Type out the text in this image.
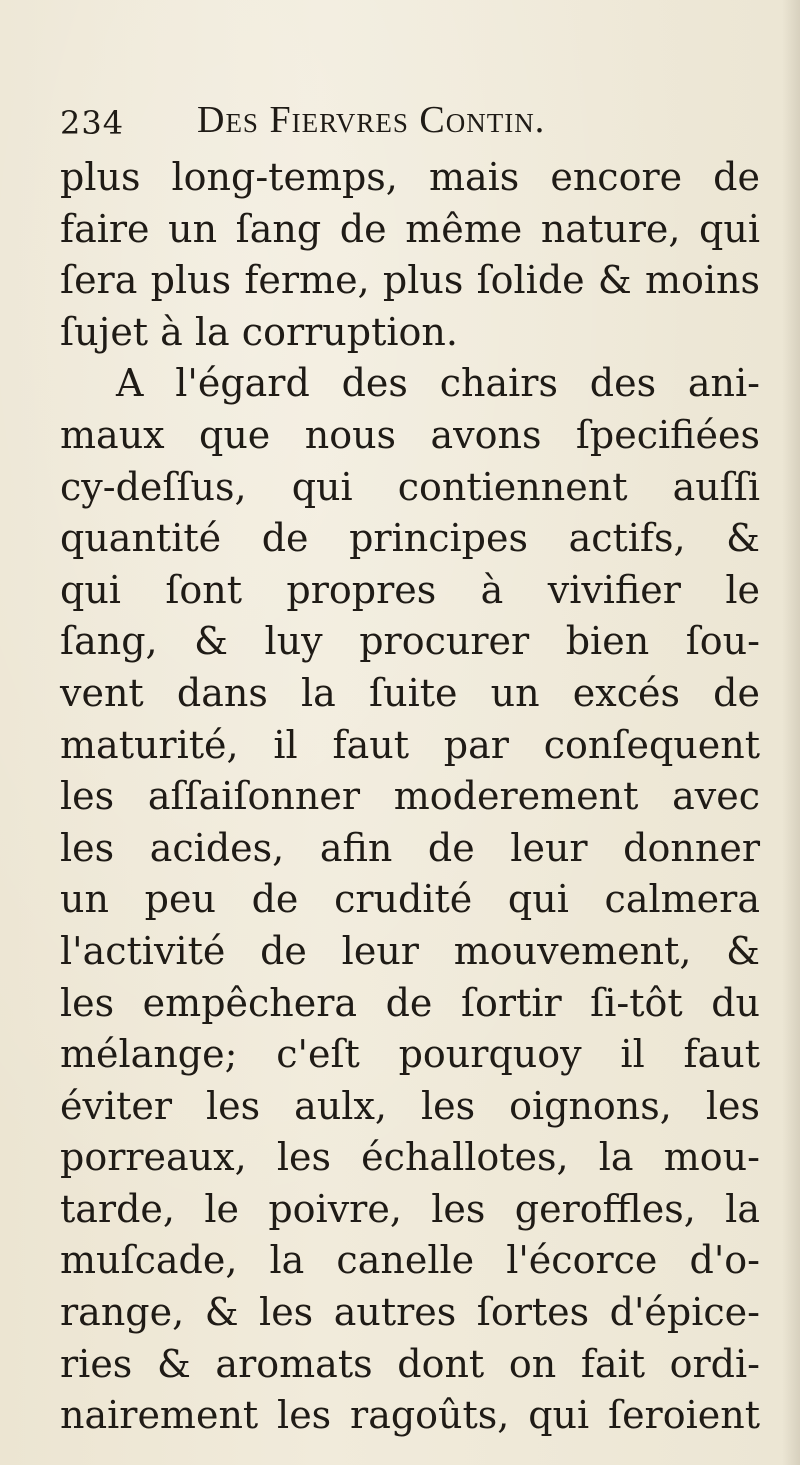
234 Des Fiervres Contin.
plus long-temps, mais encore de
faire un ſang de même nature, qui
ſera plus ferme, plus ſolide & moins
ſujet à la corruption.
A l'égard des chairs des ani-
maux que nous avons ſpecifiées
cy-deſſus, qui contiennent auſſi
quantité de principes actifs, &
qui ſont propres à vivifier le
ſang, & luy procurer bien ſou-
vent dans la ſuite un excés de
maturité, il faut par conſequent
les aſſaiſonner moderement avec
les acides, afin de leur donner
un peu de crudité qui calmera
l'activité de leur mouvement, &
les empêchera de ſortir ſi-tôt du
mélange; c'eſt pourquoy il faut
éviter les aulx, les oignons, les
porreaux, les échallotes, la mou-
tarde, le poivre, les geroffles, la
muſcade, la canelle l'écorce d'o-
range, & les autres ſortes d'épice-
ries & aromats dont on fait ordi-
nairement les ragoûts, qui ſeroient
